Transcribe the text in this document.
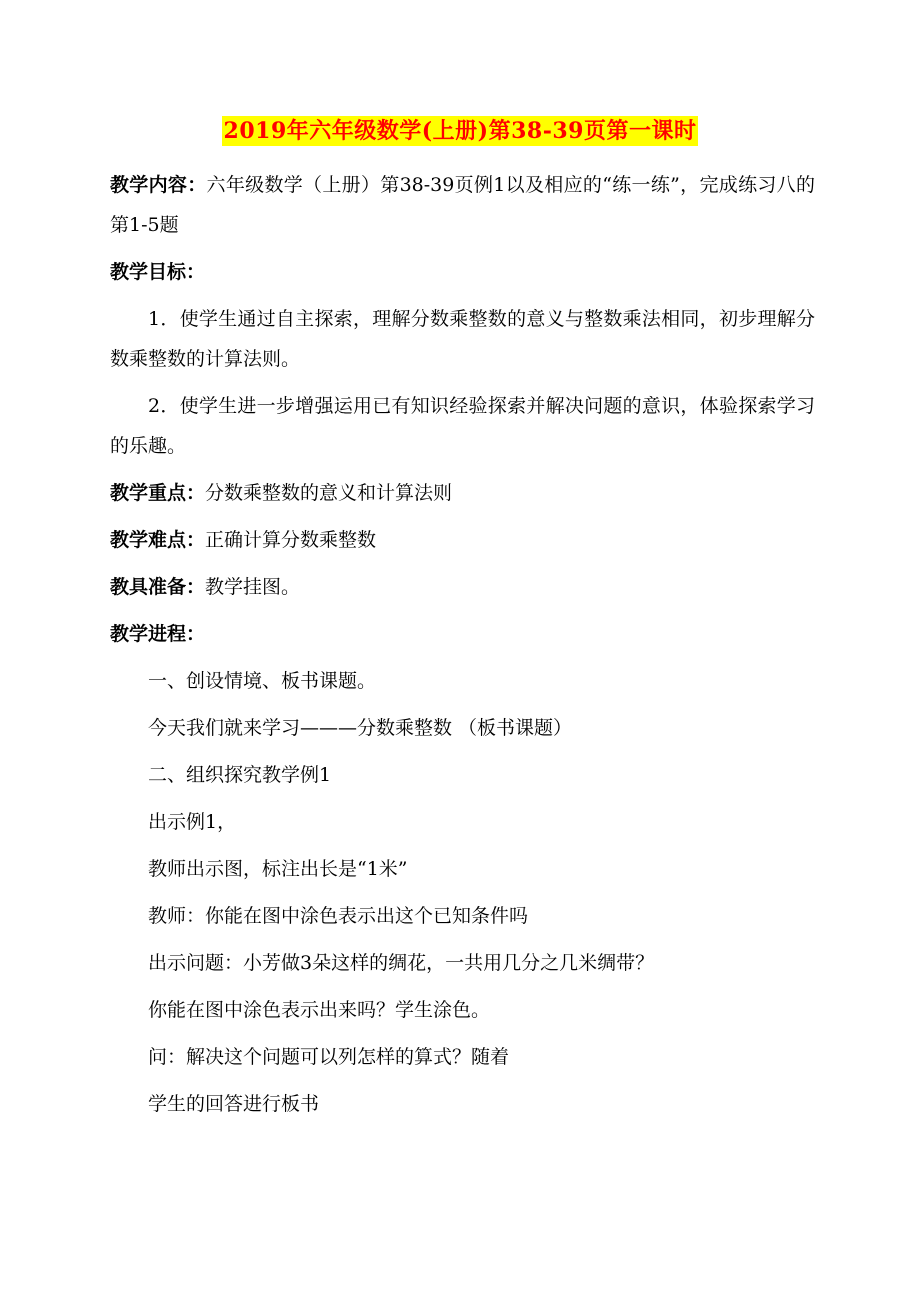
2019年六年级数学(上册)第38-39页第一课时

教学内容：六年级数学（上册）第38-39页例1以及相应的“练一练”，完成练习八的第1-5题

教学目标：

1．使学生通过自主探索，理解分数乘整数的意义与整数乘法相同，初步理解分数乘整数的计算法则。

2．使学生进一步增强运用已有知识经验探索并解决问题的意识，体验探索学习的乐趣。

教学重点：分数乘整数的意义和计算法则

教学难点：正确计算分数乘整数

教具准备：教学挂图。

教学进程：

一、创设情境、板书课题。

今天我们就来学习———分数乘整数 （板书课题）

二、组织探究教学例1

出示例1，

教师出示图，标注出长是“1米”

教师：你能在图中涂色表示出这个已知条件吗

出示问题：小芳做3朵这样的绸花，一共用几分之几米绸带？

你能在图中涂色表示出来吗？学生涂色。

问：解决这个问题可以列怎样的算式？随着

学生的回答进行板书
